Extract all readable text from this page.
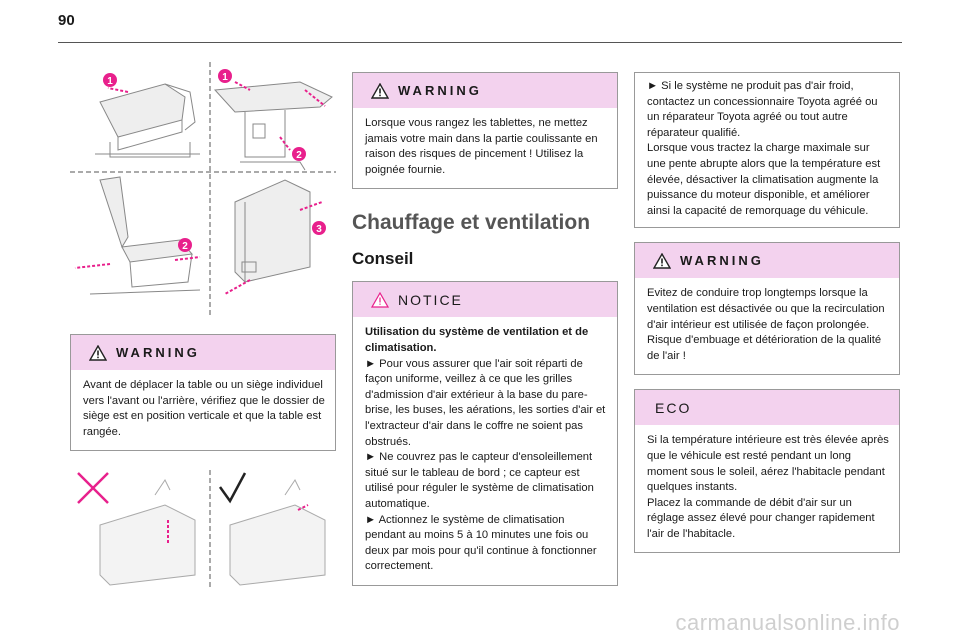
90
1	1
2
2
3
WARNING

Avant de déplacer la table ou un siège individuel vers l'avant ou l'arrière, vérifiez que le dossier de siège est en position verticale et que la table est rangée.

WARNING

Lorsque vous rangez les tablettes, ne mettez jamais votre main dans la partie coulissante en raison des risques de pincement ! Utilisez la poignée fournie.

Chauffage et ventilation
Conseil
NOTICE

Utilisation du système de ventilation et de climatisation.

► Pour vous assurer que l'air soit réparti de façon uniforme, veillez à ce que les grilles d'admission d'air extérieur à la base du pare-brise, les buses, les aérations, les sorties d'air et l'extracteur d'air dans le coffre ne soient pas obstrués.

► Ne couvrez pas le capteur d'ensoleillement situé sur le tableau de bord ; ce capteur est utilisé pour réguler le système de climatisation automatique.

► Actionnez le système de climatisation pendant au moins 5 à 10 minutes une fois ou deux par mois pour qu'il continue à fonctionner correctement.

► Si le système ne produit pas d'air froid, contactez un concessionnaire Toyota agréé ou un réparateur Toyota agréé ou tout autre réparateur qualifié.

Lorsque vous tractez la charge maximale sur une pente abrupte alors que la température est élevée, désactiver la climatisation augmente la puissance du moteur disponible, et améliorer ainsi la capacité de remorquage du véhicule.

WARNING

Evitez de conduire trop longtemps lorsque la ventilation est désactivée ou que la recirculation d'air intérieur est utilisée de façon prolongée. Risque d'embuage et détérioration de la qualité de l'air !

ECO

Si la température intérieure est très élevée après que le véhicule est resté pendant un long moment sous le soleil, aérez l'habitacle pendant quelques instants.

Placez la commande de débit d'air sur un réglage assez élevé pour changer rapidement l'air de l'habitacle.

carmanualsonline.info
